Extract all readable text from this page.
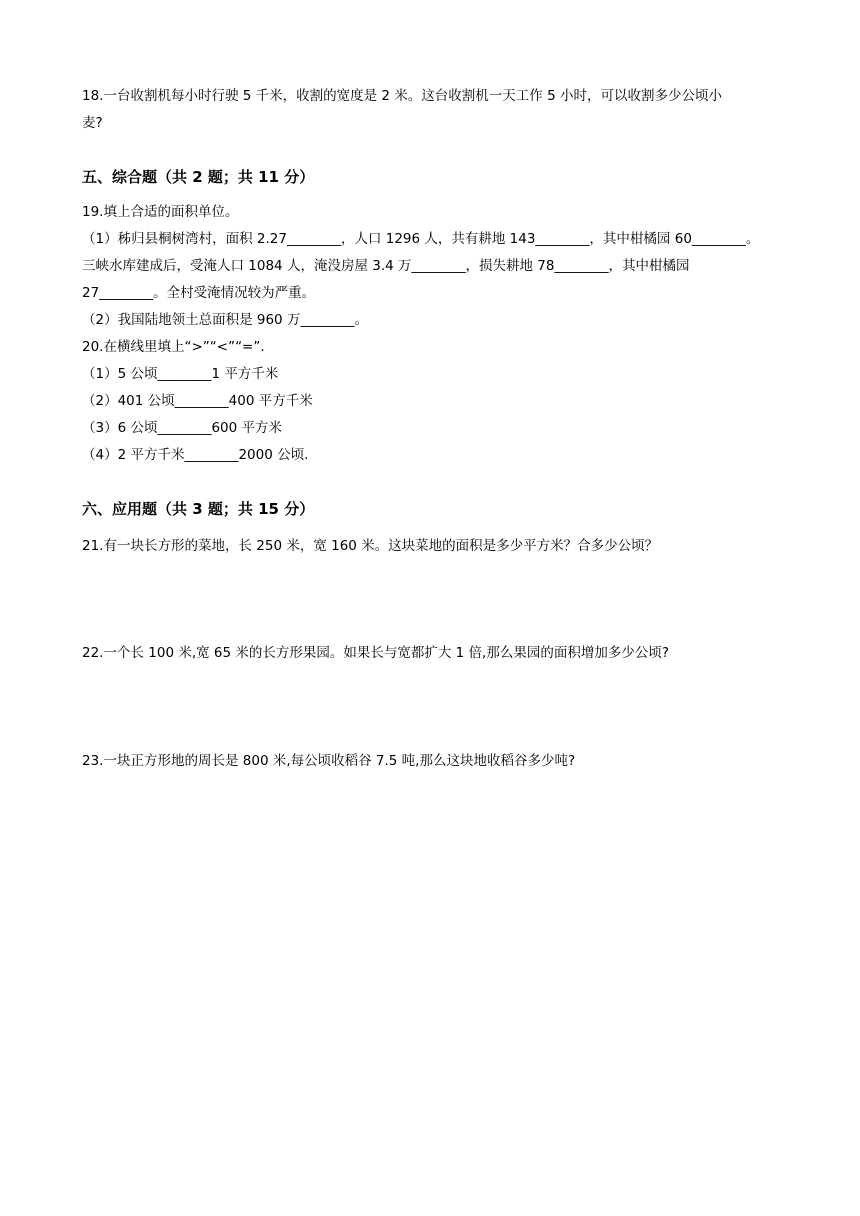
18.一台收割机每小时行驶 5 千米，收割的宽度是 2 米。这台收割机一天工作 5 小时，可以收割多少公顷小
麦?
五、综合题（共 2 题；共 11 分）
19.填上合适的面积单位。
（1）秭归县桐树湾村，面积 2.27________，人口 1296 人，共有耕地 143________，其中柑橘园 60________。
三峡水库建成后，受淹人口 1084 人，淹没房屋 3.4 万________，损失耕地 78________，其中柑橘园
27________。全村受淹情况较为严重。
（2）我国陆地领土总面积是 960 万________。
20.在横线里填上“>”“<”“=”.
（1）5 公顷________1 平方千米
（2）401 公顷________400 平方千米
（3）6 公顷________600 平方米
（4）2 平方千米________2000 公顷.
六、应用题（共 3 题；共 15 分）
21.有一块长方形的菜地，长 250 米，宽 160 米。这块菜地的面积是多少平方米？合多少公顷？
22.一个长 100 米,宽 65 米的长方形果园。如果长与宽都扩大 1 倍,那么果园的面积增加多少公顷?
23.一块正方形地的周长是 800 米,每公顷收稻谷 7.5 吨,那么这块地收稻谷多少吨?
